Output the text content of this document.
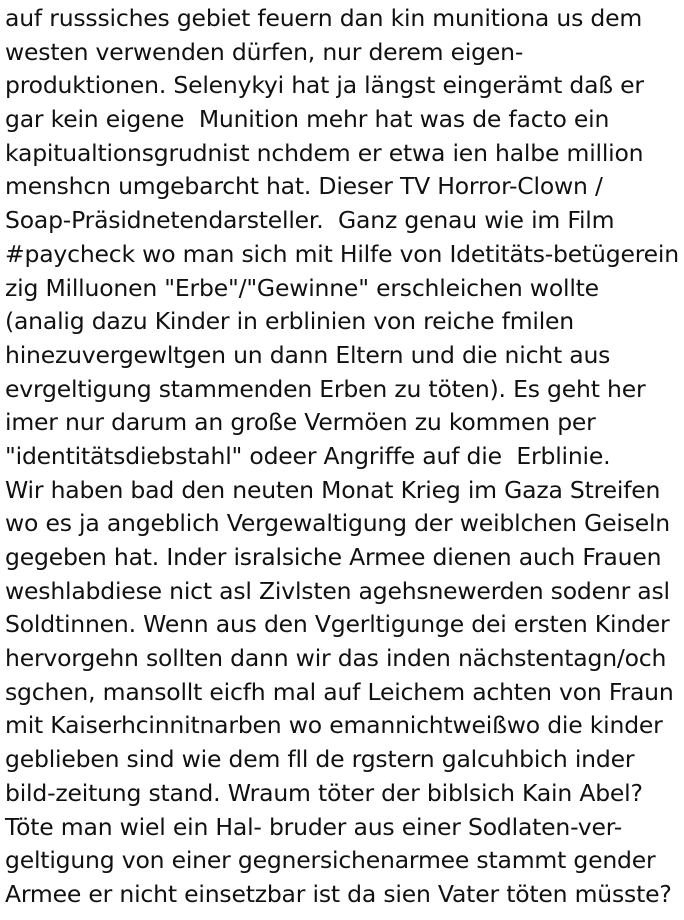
auf russsiches gebiet feuern dan kin munitiona us dem
westen verwenden dürfen, nur derem eigen-
produktionen. Selenykyi hat ja längst eingerämt daß er
gar kein eigene  Munition mehr hat was de facto ein
kapitualtionsgrudnist nchdem er etwa ien halbe million
menshcn umgebarcht hat. Dieser TV Horror-Clown /
Soap-Präsidnetendarsteller.  Ganz genau wie im Film
#paycheck wo man sich mit Hilfe von Idetitäts-betügerein
zig Milluonen "Erbe"/"Gewinne" erschleichen wollte
(analig dazu Kinder in erblinien von reiche fmilen
hinezuvergewltgen un dann Eltern und die nicht aus
evrgeltigung stammenden Erben zu töten). Es geht her
imer nur darum an große Vermöen zu kommen per
"identitätsdiebstahl" odeer Angriffe auf die  Erblinie.
Wir haben bad den neuten Monat Krieg im Gaza Streifen
wo es ja angeblich Vergewaltigung der weiblchen Geiseln
gegeben hat. Inder isralsiche Armee dienen auch Frauen
weshlabdiese nict asl Zivlsten agehsnewerden sodenr asl
Soldtinnen. Wenn aus den Vgerltigunge dei ersten Kinder
hervorgehn sollten dann wir das inden nächstentagn/och
sgchen, mansollt eicfh mal auf Leichem achten von Fraun
mit Kaiserhcinnitnarben wo emannichtweißwo die kinder
geblieben sind wie dem fll de rgstern galcuhbich inder
bild-zeitung stand. Wraum töter der biblsich Kain Abel?
Töte man wiel ein Hal- bruder aus einer Sodlaten-ver-
geltigung von einer gegnersichenarmee stammt gender
Armee er nicht einsetzbar ist da sien Vater töten müsste?
